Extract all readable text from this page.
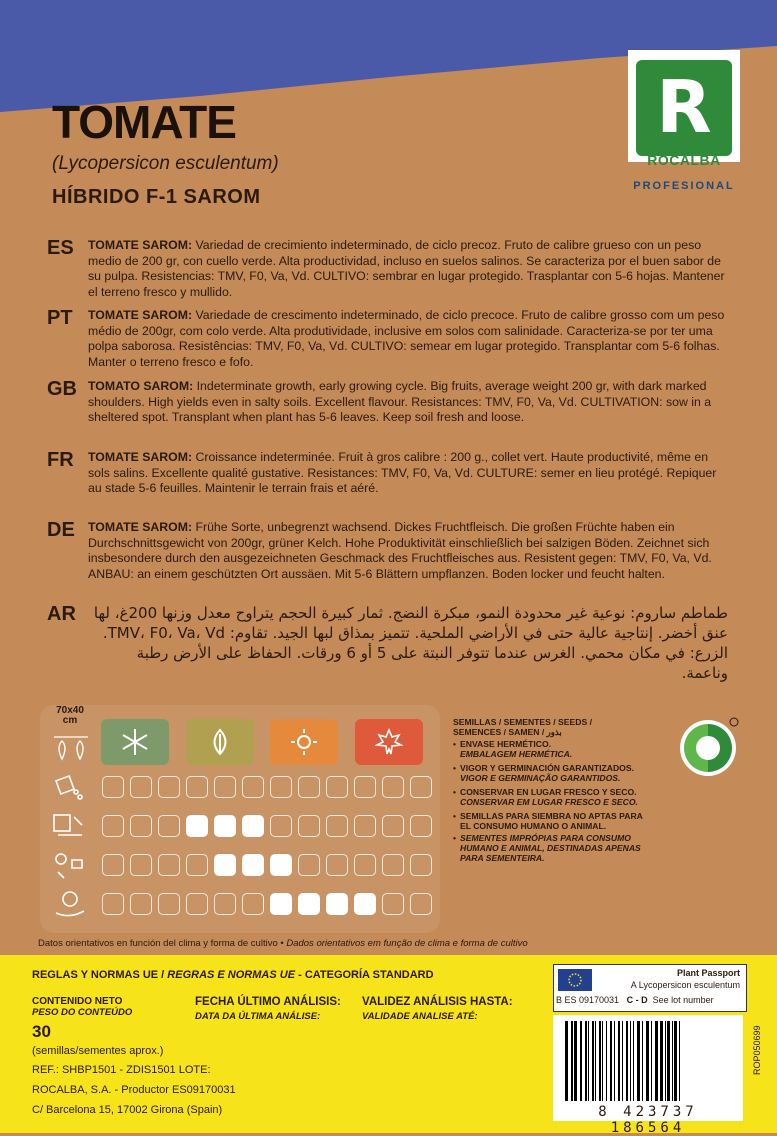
R
ROCALBA
PROFESIONAL
TOMATE
(Lycopersicon esculentum)
HÍBRIDO F-1 SAROM
ES TOMATE SAROM: Variedad de crecimiento indeterminado, de ciclo precoz. Fruto de calibre grueso con un peso medio de 200 gr, con cuello verde. Alta productividad, incluso en suelos salinos. Se caracteriza por el buen sabor de su pulpa. Resistencias: TMV, F0, Va, Vd. CULTIVO: sembrar en lugar protegido. Trasplantar con 5-6 hojas. Mantener el terreno fresco y mullido.
PT TOMATE SAROM: Variedade de crescimento indeterminado, de ciclo precoce. Fruto de calibre grosso com um peso médio de 200gr, com colo verde. Alta produtividade, inclusive em solos com salinidade. Caracteriza-se por ter uma polpa saborosa. Resistências: TMV, F0, Va, Vd. CULTIVO: semear em lugar protegido. Transplantar com 5-6 folhas. Manter o terreno fresco e fofo.
GB TOMATO SAROM: Indeterminate growth, early growing cycle. Big fruits, average weight 200 gr, with dark marked shoulders. High yields even in salty soils. Excellent flavour. Resistances: TMV, F0, Va, Vd. CULTIVATION: sow in a sheltered spot. Transplant when plant has 5-6 leaves. Keep soil fresh and loose.
FR TOMATE SAROM: Croissance indeterminée. Fruit à gros calibre : 200 g., collet vert. Haute productivité, même en sols salins. Excellente qualité gustative. Resistances: TMV, F0, Va, Vd. CULTURE: semer en lieu protégé. Repiquer au stade 5-6 feuilles. Maintenir le terrain frais et aéré.
DE TOMATE SAROM: Frühe Sorte, unbegrenzt wachsend. Dickes Fruchtfleisch. Die großen Früchte haben ein Durchschnittsgewicht von 200gr, grüner Kelch. Hohe Produktivität einschließlich bei salzigen Böden. Zeichnet sich insbesondere durch den ausgezeichneten Geschmack des Fruchtfleisches aus. Resistent gegen: TMV, F0, Va, Vd. ANBAU: an einem geschützten Ort aussäen. Mit 5-6 Blättern umpflanzen. Boden locker und feucht halten.
AR	طماطم ساروم: نوعية غير محدودة النمو، مبكرة النضج. ثمار كبيرة الحجم يتراوح معدل وزنها 200غ، لها عنق أخضر. إنتاجية عالية حتى في الأراضي الملحية. تتميز بمذاق لبها الجيد. تقاوم: TMV، F0، Va، Vd. الزرع: في مكان محمي. الغرس عندما تتوفر النبتة على 5 أو 6 ورقات. الحفاظ على الأرض رطبة وناعمة.
70x40
cm	SEMILLAS / SEMENTES / SEEDS /
SEMENCES / SAMEN / بذور
• ENVASE HERMÉTICO.
EMBALAGEM HERMÉTICA.
• VIGOR Y GERMINACIÓN GARANTIZADOS.
VIGOR E GERMINAÇÃO GARANTIDOS.
• CONSERVAR EN LUGAR FRESCO Y SECO.
CONSERVAR EM LUGAR FRESCO E SECO.
• SEMILLAS PARA SIEMBRA NO APTAS PARA EL CONSUMO HUMANO O ANIMAL.
• SEMENTES IMPRÓPIAS PARA CONSUMO HUMANO E ANIMAL, DESTINADAS APENAS PARA SEMENTEIRA.
Datos orientativos en función del clima y forma de cultivo • Dados orientativos em função de clima e forma de cultivo
REGLAS Y NORMAS UE / REGRAS E NORMAS UE - CATEGORÍA STANDARD
CONTENIDO NETO
PESO DO CONTEÚDO
30
(semillas/sementes aprox.)
FECHA ÚLTIMO ANÁLISIS:
DATA DA ÚLTIMA ANÁLISE:
VALIDEZ ANÁLISIS HASTA:
VALIDADE ANALISE ATÉ:
REF.: SHBP1501 - ZDIS1501 LOTE:
ROCALBA, S.A. - Productor ES09170031
C/ Barcelona 15, 17002 Girona (Spain)
Plant Passport
A Lycopersicon esculentum
B ES 09170031 C - D See lot number
8 423737 186564
ROP050699
